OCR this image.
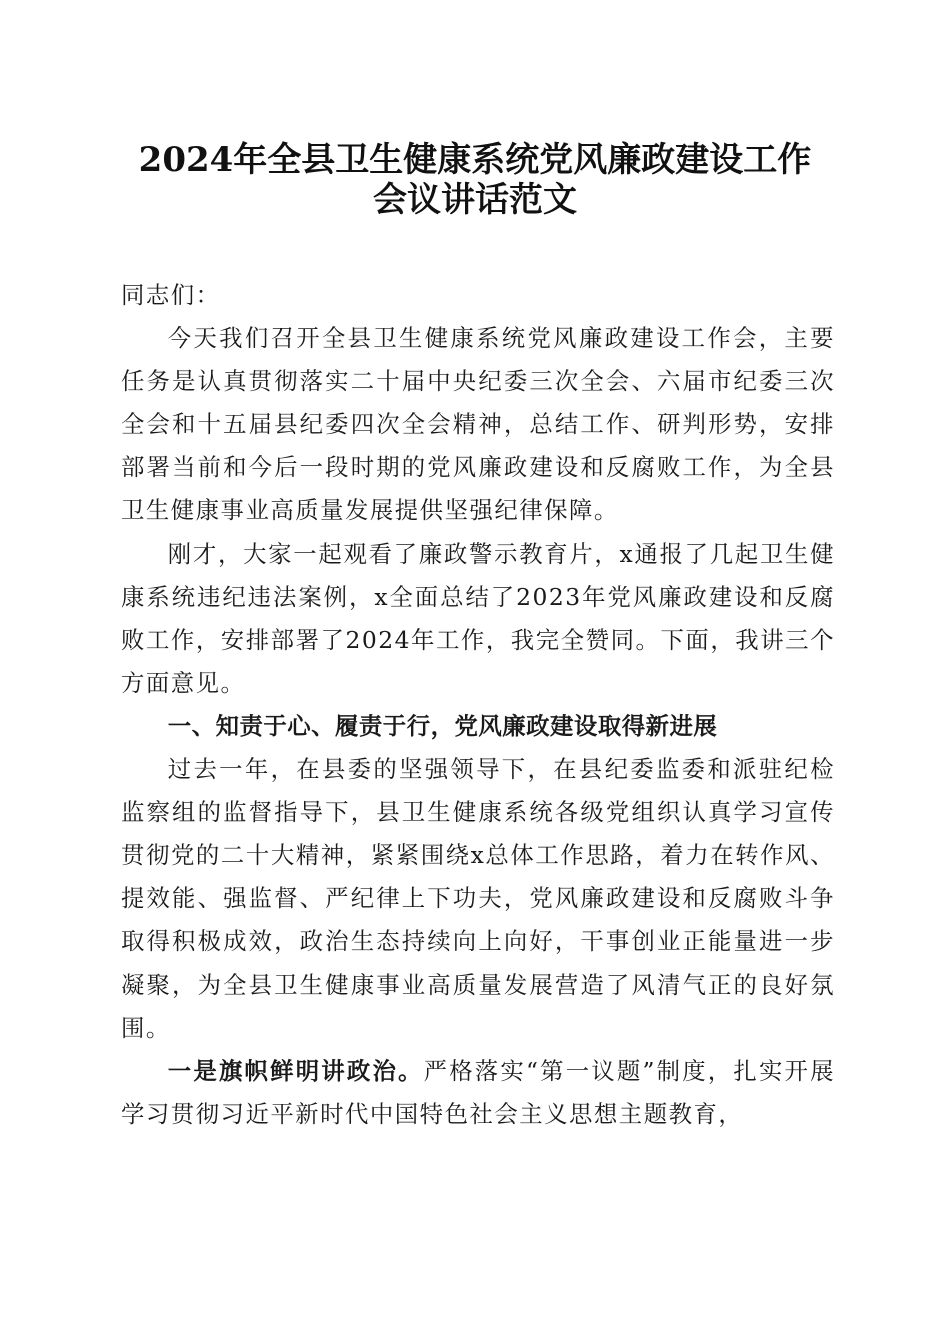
2024年全县卫生健康系统党风廉政建设工作
会议讲话范文

同志们：

今天我们召开全县卫生健康系统党风廉政建设工作会，主要任务是认真贯彻落实二十届中央纪委三次全会、六届市纪委三次全会和十五届县纪委四次全会精神，总结工作、研判形势，安排部署当前和今后一段时期的党风廉政建设和反腐败工作，为全县卫生健康事业高质量发展提供坚强纪律保障。

刚才，大家一起观看了廉政警示教育片，x通报了几起卫生健康系统违纪违法案例，x全面总结了2023年党风廉政建设和反腐败工作，安排部署了2024年工作，我完全赞同。下面，我讲三个方面意见。

一、知责于心、履责于行，党风廉政建设取得新进展

过去一年，在县委的坚强领导下，在县纪委监委和派驻纪检监察组的监督指导下，县卫生健康系统各级党组织认真学习宣传贯彻党的二十大精神，紧紧围绕x总体工作思路，着力在转作风、提效能、强监督、严纪律上下功夫，党风廉政建设和反腐败斗争取得积极成效，政治生态持续向上向好，干事创业正能量进一步凝聚，为全县卫生健康事业高质量发展营造了风清气正的良好氛围。

一是旗帜鲜明讲政治。严格落实“第一议题”制度，扎实开展学习贯彻习近平新时代中国特色社会主义思想主题教育，
